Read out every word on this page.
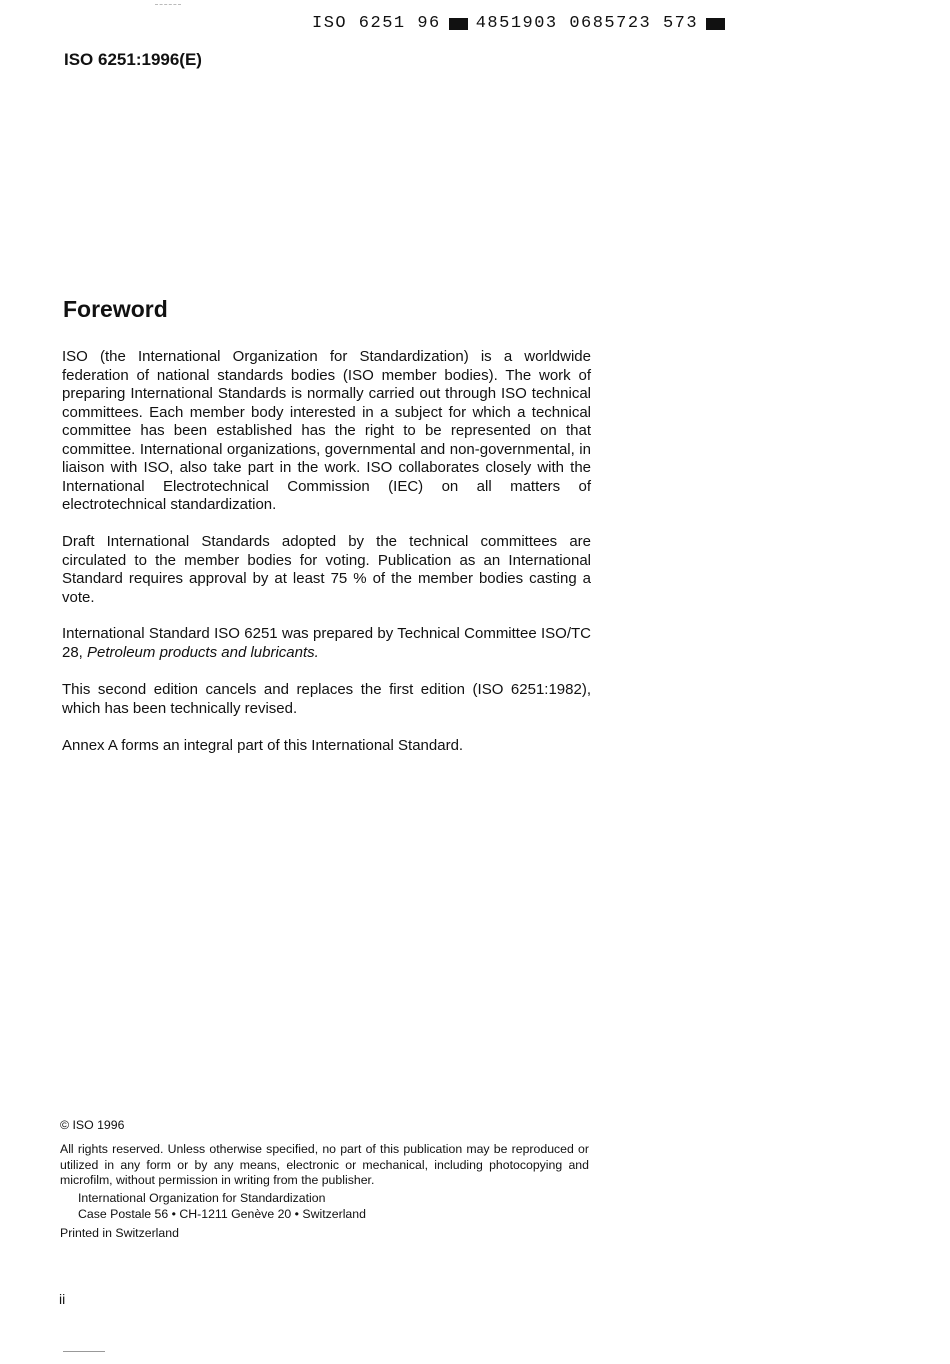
ISO 6251 96 4851903 0685723 573
ISO 6251:1996(E)
Foreword

ISO (the International Organization for Standardization) is a worldwide federation of national standards bodies (ISO member bodies). The work of preparing International Standards is normally carried out through ISO technical committees. Each member body interested in a subject for which a technical committee has been established has the right to be represented on that committee. International organizations, governmental and non-governmental, in liaison with ISO, also take part in the work. ISO collaborates closely with the International Electrotechnical Commission (IEC) on all matters of electrotechnical standardization.

Draft International Standards adopted by the technical committees are circulated to the member bodies for voting. Publication as an International Standard requires approval by at least 75 % of the member bodies casting a vote.

International Standard ISO 6251 was prepared by Technical Committee ISO/TC 28, Petroleum products and lubricants.

This second edition cancels and replaces the first edition (ISO 6251:1982), which has been technically revised.

Annex A forms an integral part of this International Standard.

© ISO 1996

All rights reserved. Unless otherwise specified, no part of this publication may be reproduced or utilized in any form or by any means, electronic or mechanical, including photocopying and microfilm, without permission in writing from the publisher.

International Organization for Standardization
Case Postale 56 • CH-1211 Genève 20 • Switzerland
Printed in Switzerland
ii
